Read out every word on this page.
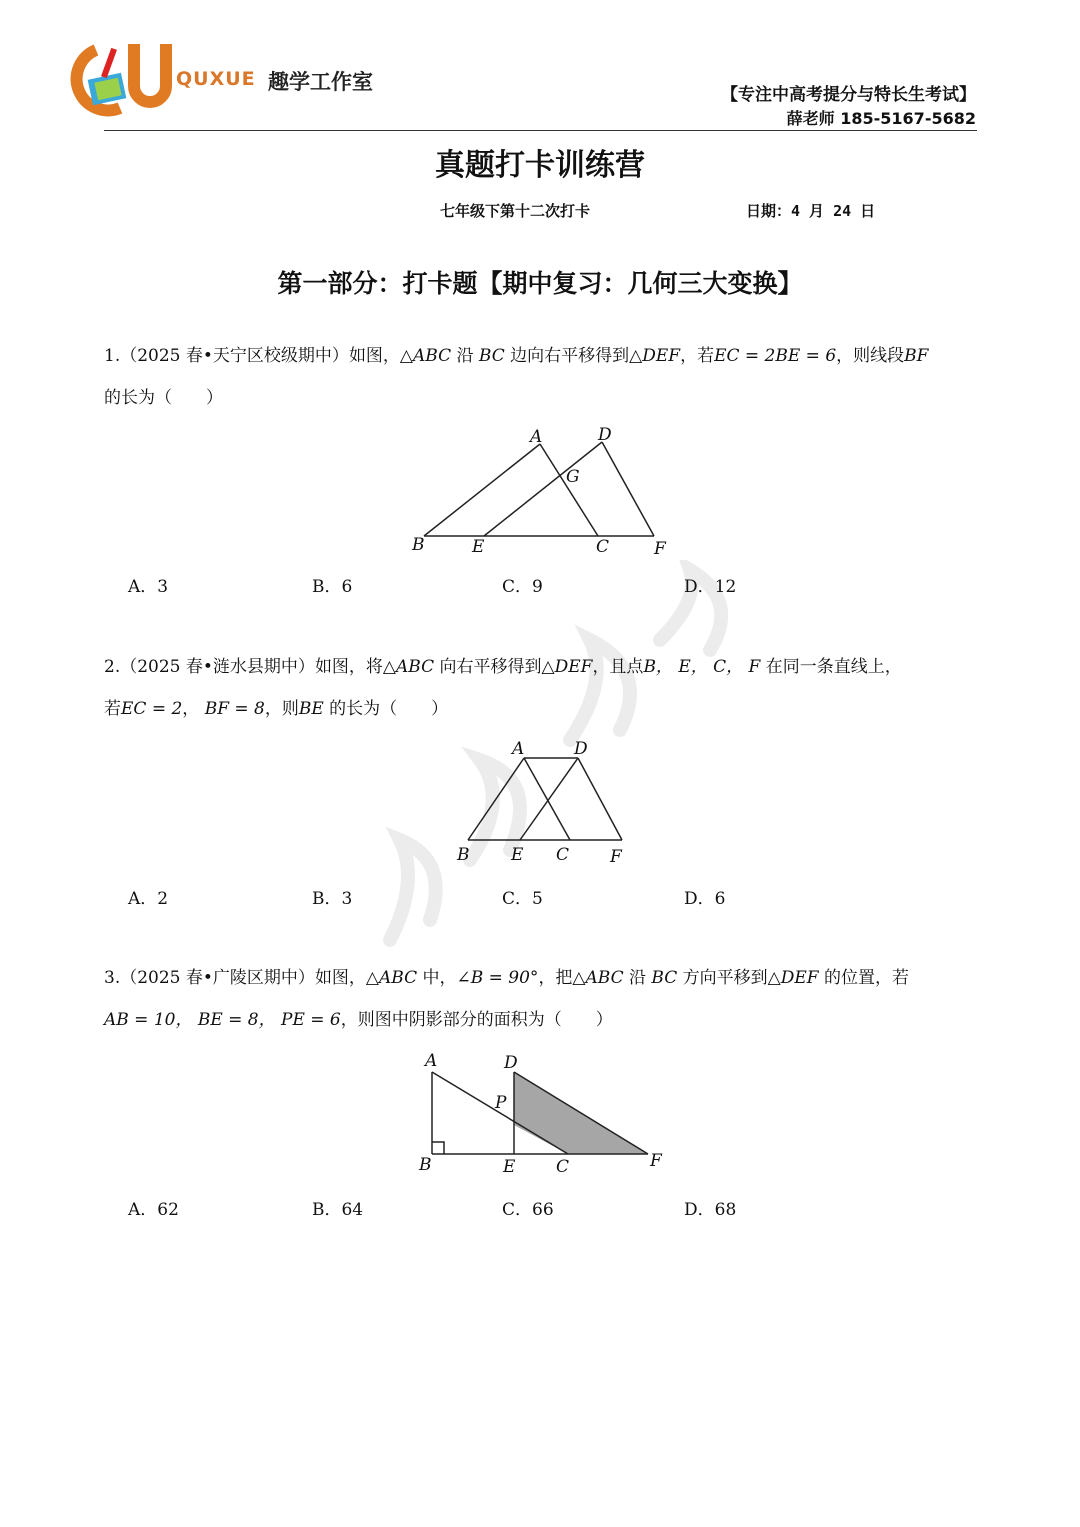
QUXUE 趣学工作室
【专注中高考提分与特长生考试】
薛老师 185-5167-5682
真题打卡训练营
七年级下第十二次打卡	日期：4 月 24 日
第一部分：打卡题【期中复习：几何三大变换】
1.（2025 春•天宁区校级期中）如图，△ABC 沿 BC 边向右平移得到△DEF，若EC = 2BE = 6，则线段BF
的长为（　　）
A	D
G
B	E	C	F
A．3	B．6	C．9	D．12
2.（2025 春•涟水县期中）如图，将△ABC 向右平移得到△DEF，且点B， E， C， F 在同一条直线上，
若EC = 2， BF = 8，则BE 的长为（　　）
A	D
B E C F
A．2	B．3	C．5	D．6
3.（2025 春•广陵区期中）如图，△ABC 中，∠B = 90°，把△ABC 沿 BC 方向平移到△DEF 的位置，若
AB = 10， BE = 8， PE = 6，则图中阴影部分的面积为（　　）
A	D
P
B	E C	F
A．62	B．64	C．66	D．68
